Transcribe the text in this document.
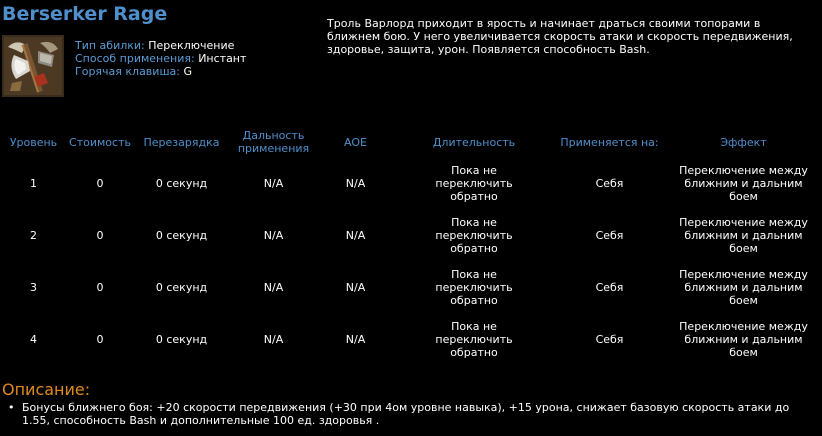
Berserker Rage
Тип абилки: Переключение
Способ применения: Инстант
Горячая клавиша: G
Троль Варлорд приходит в ярость и начинает драться своими топорами в ближнем бою. У него увеличивается скорость атаки и скорость передвижения, здоровье, защита, урон. Появляется способность Bash.
Уровень	Стоимость	Перезарядка	Дальность применения	AOE	Длительность	Применяется на:	Эффект
1	0	0 секунд	N/A	N/A	Пока не переключить обратно	Себя	Переключение между ближним и дальним боем

2	0	0 секунд	N/A	N/A	Пока не переключить обратно	Себя	Переключение между ближним и дальним боем

3	0	0 секунд	N/A	N/A	Пока не переключить обратно	Себя	Переключение между ближним и дальним боем

4	0	0 секунд	N/A	N/A	Пока не переключить обратно	Себя	Переключение между ближним и дальним боем
Описание:
• Бонусы ближнего боя: +20 скорости передвижения (+30 при 4ом уровне навыка), +15 урона, снижает базовую скорость атаки до 1.55, способность Bash и дополнительные 100 ед. здоровья .
